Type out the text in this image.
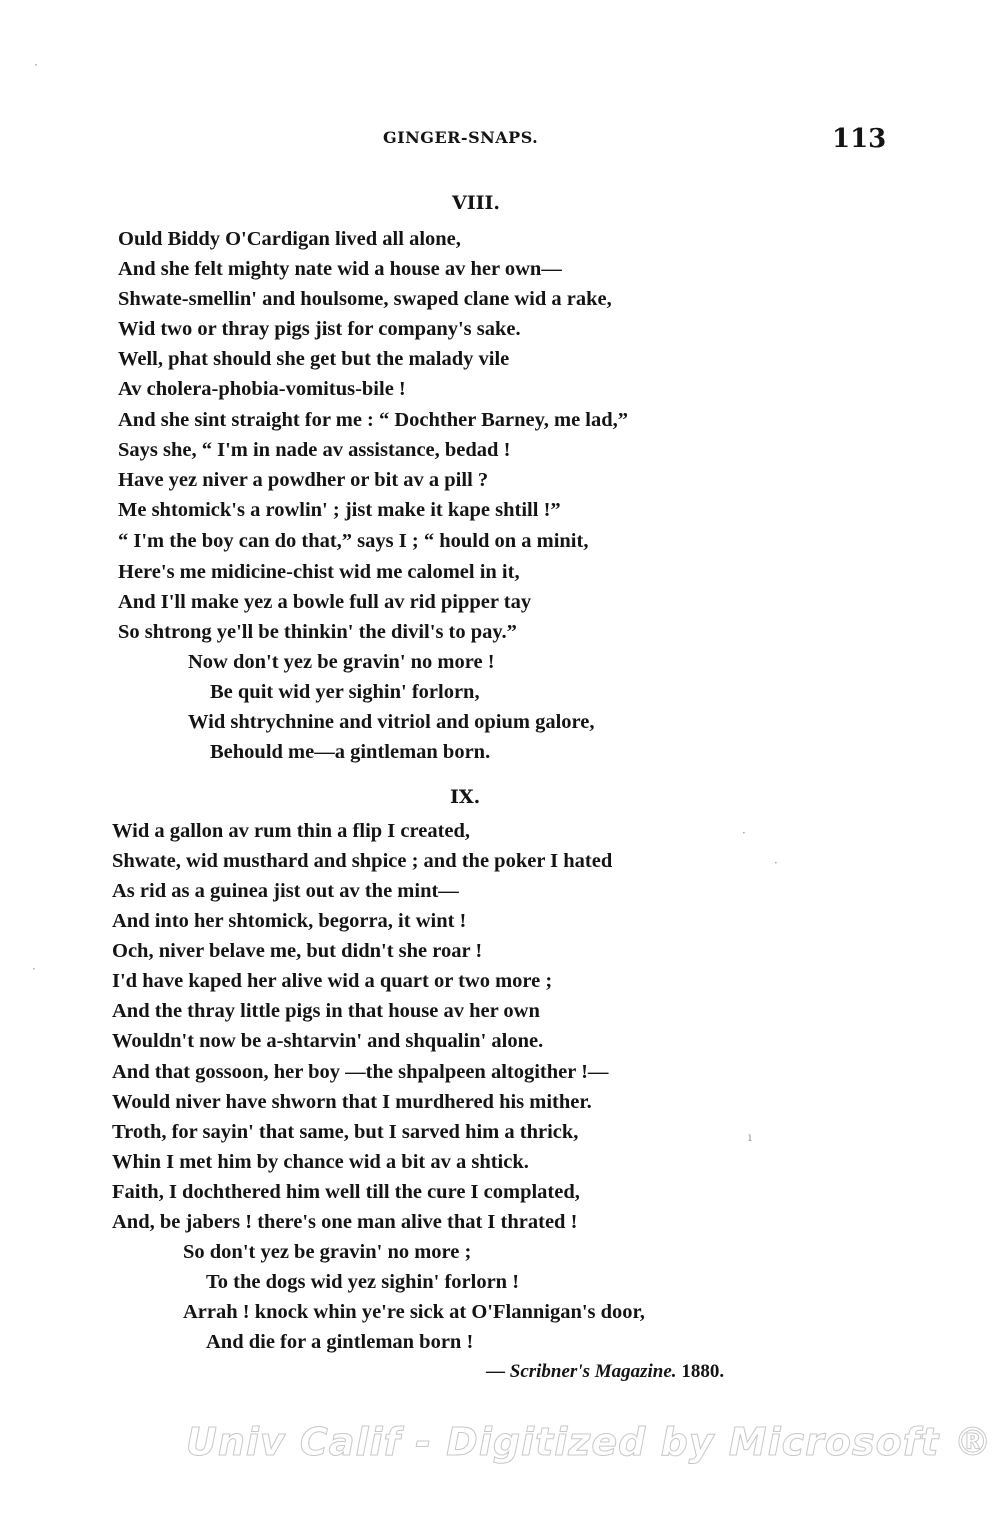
GINGER-SNAPS.	113
VIII.
Ould Biddy O'Cardigan lived all alone,
And she felt mighty nate wid a house av her own—
Shwate-smellin' and houlsome, swaped clane wid a rake,
Wid two or thray pigs jist for company's sake.
Well, phat should she get but the malady vile
Av cholera-phobia-vomitus-bile !
And she sint straight for me : “ Dochther Barney, me lad,”
Says she, “ I'm in nade av assistance, bedad !
Have yez niver a powdher or bit av a pill ?
Me shtomick's a rowlin' ; jist make it kape shtill !”
“ I'm the boy can do that,” says I ; “ hould on a minit,
Here's me midicine-chist wid me calomel in it,
And I'll make yez a bowle full av rid pipper tay
So shtrong ye'll be thinkin' the divil's to pay.”
Now don't yez be gravin' no more !
Be quit wid yer sighin' forlorn,
Wid shtrychnine and vitriol and opium galore,
Behould me—a gintleman born.
IX.
Wid a gallon av rum thin a flip I created,
Shwate, wid musthard and shpice ; and the poker I hated
As rid as a guinea jist out av the mint—
And into her shtomick, begorra, it wint !
Och, niver belave me, but didn't she roar !
I'd have kaped her alive wid a quart or two more ;
And the thray little pigs in that house av her own
Wouldn't now be a-shtarvin' and shqualin' alone.
And that gossoon, her boy —the shpalpeen altogither !—
Would niver have shworn that I murdhered his mither.
Troth, for sayin' that same, but I sarved him a thrick,
Whin I met him by chance wid a bit av a shtick.
Faith, I dochthered him well till the cure I complated,
And, be jabers ! there's one man alive that I thrated !
So don't yez be gravin' no more ;
To the dogs wid yez sighin' forlorn !
Arrah ! knock whin ye're sick at O'Flannigan's door,
And die for a gintleman born !
— Scribner's Magazine. 1880.
Univ Calif - Digitized by Microsoft ®
·
·
ı
·
·
